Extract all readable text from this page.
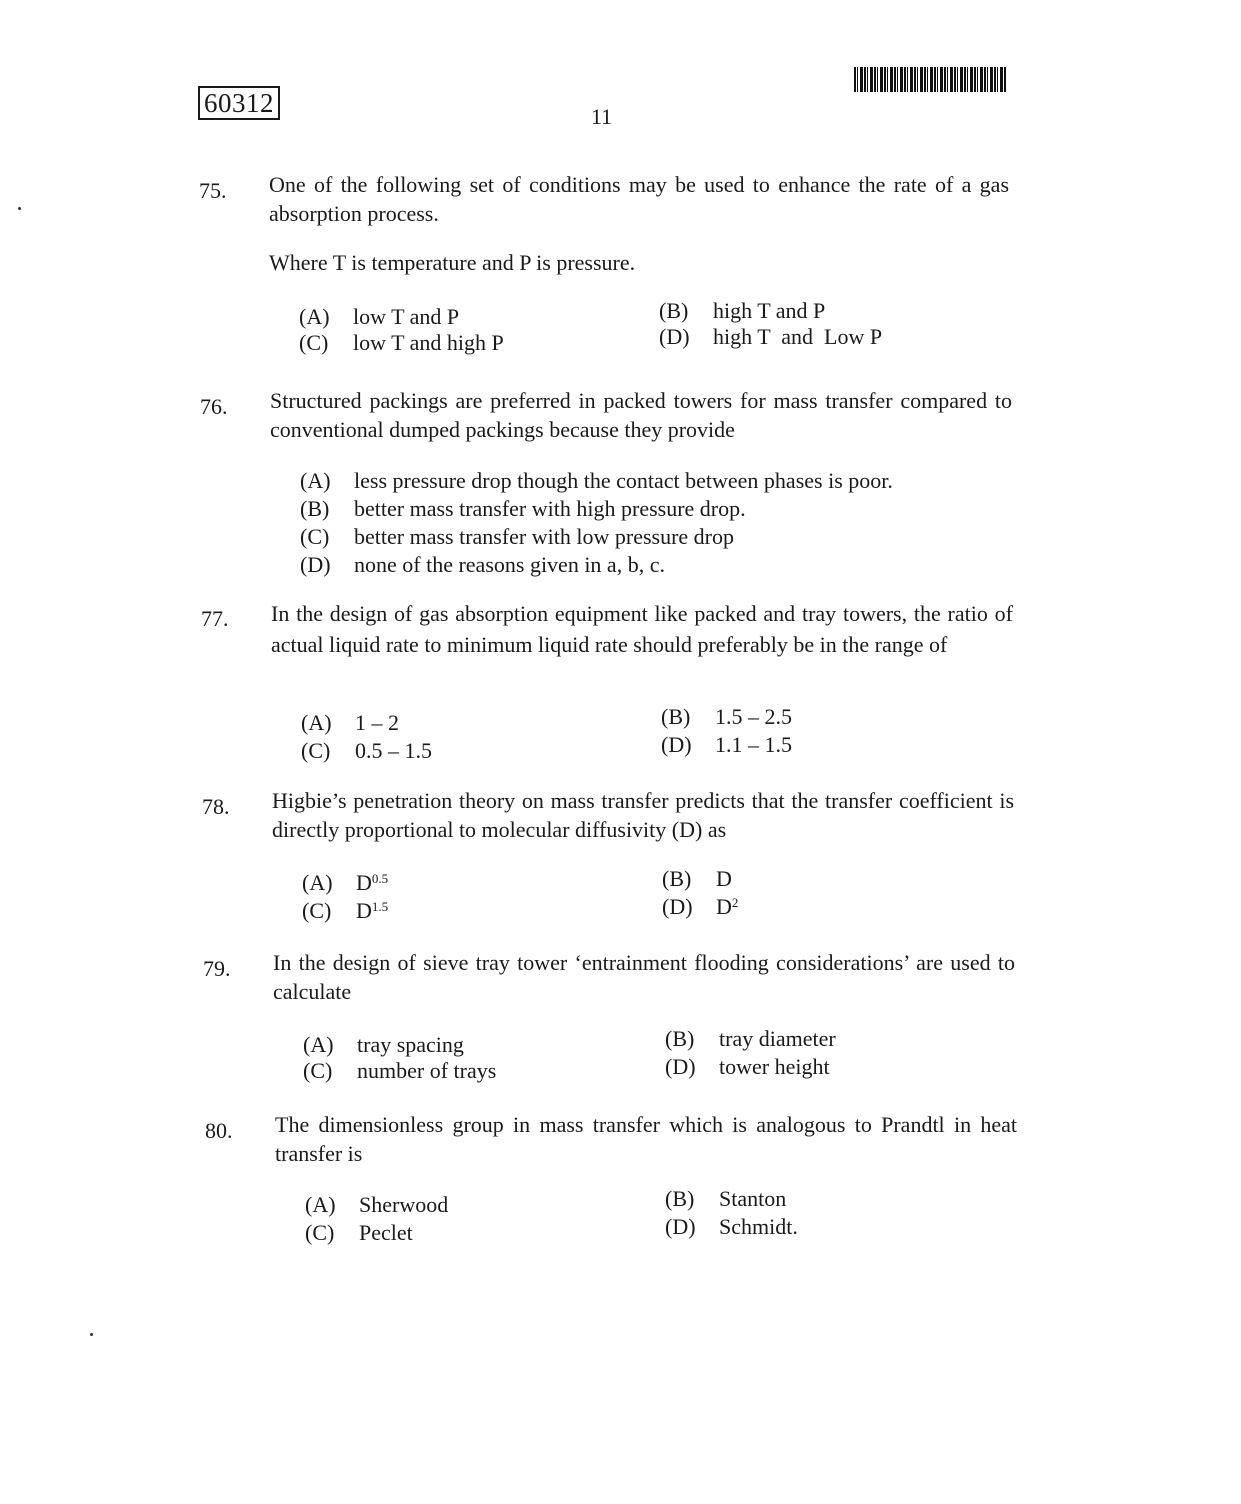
60312	11
75. One of the following set of conditions may be used to enhance the rate of a gas absorption process.
Where T is temperature and P is pressure.
(A) low T and P	(B) high T and P
(C) low T and high P	(D) high T  and  Low P
76. Structured packings are preferred in packed towers for mass transfer compared to conventional dumped packings because they provide
(A) less pressure drop though the contact between phases is poor.
(B) better mass transfer with high pressure drop.
(C) better mass transfer with low pressure drop
(D) none of the reasons given in a, b, c.
77. In the design of gas absorption equipment like packed and tray towers, the ratio of actual liquid rate to minimum liquid rate should preferably be in the range of
(A) 1 – 2	(B) 1.5 – 2.5
(C) 0.5 – 1.5	(D) 1.1 – 1.5
78. Higbie’s penetration theory on mass transfer predicts that the transfer coefficient is directly proportional to molecular diffusivity (D) as
(A) $D^{0.5}$	(B) D
(C) $D^{1.5}$	(D) $D^2$
79. In the design of sieve tray tower ‘entrainment flooding considerations’ are used to calculate
(A) tray spacing	(B) tray diameter
(C) number of trays	(D) tower height
80. The dimensionless group in mass transfer which is analogous to Prandtl in heat transfer is
(A) Sherwood	(B) Stanton
(C) Peclet	(D) Schmidt.
